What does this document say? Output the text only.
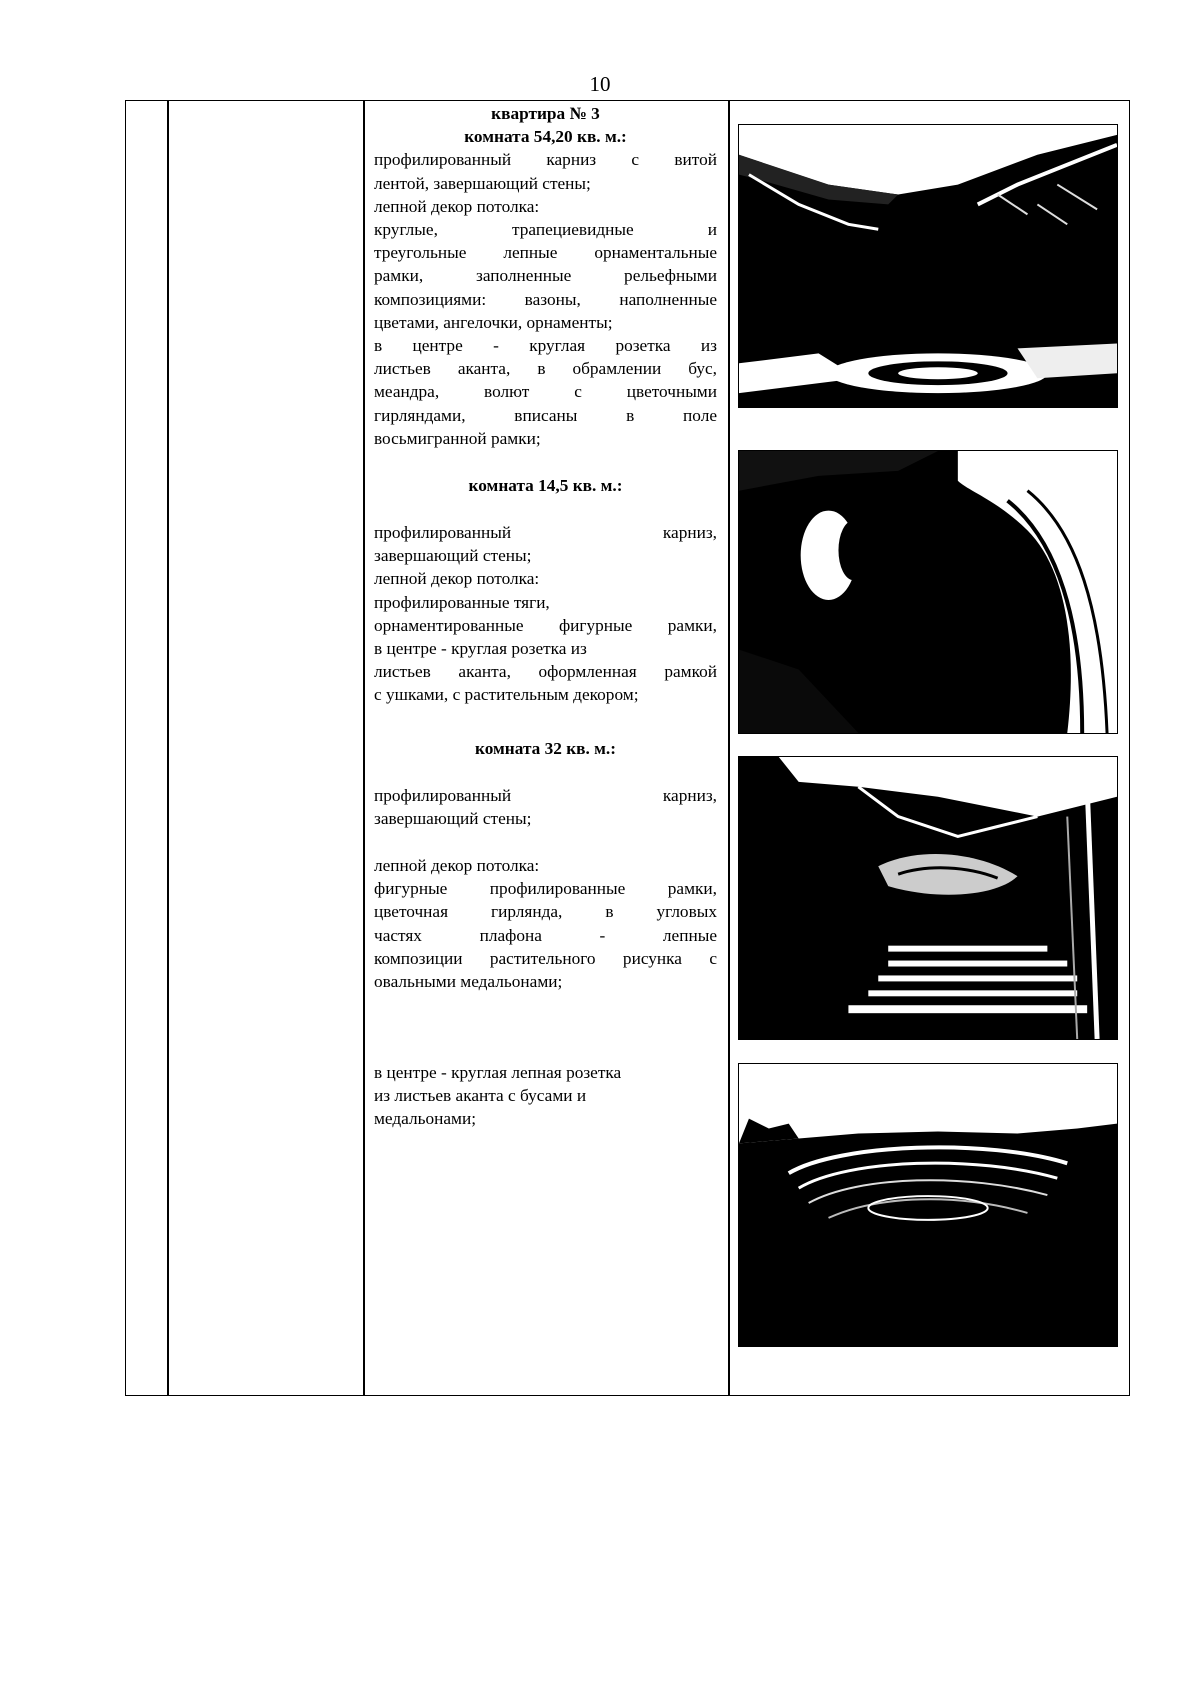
10
квартира № 3
комната 54,20 кв. м.:
профилированный карниз с витой
лентой, завершающий стены;
лепной декор потолка:
круглые, трапециевидные и
треугольные лепные орнаментальные
рамки, заполненные рельефными
композициями: вазоны, наполненные
цветами, ангелочки, орнаменты;
в центре - круглая розетка из
листьев аканта, в обрамлении бус,
меандра, волют с цветочными
гирляндами, вписаны в поле
восьмигранной рамки;
комната 14,5 кв. м.:
профилированный карниз,
завершающий стены;
лепной декор потолка:
профилированные тяги,
орнаментированные фигурные рамки,
в центре - круглая розетка из
листьев аканта, оформленная рамкой
с ушками, с растительным декором;
комната 32 кв. м.:
профилированный карниз,
завершающий стены;
лепной декор потолка:
фигурные профилированные рамки,
цветочная гирлянда, в угловых
частях плафона - лепные
композиции растительного рисунка с
овальными медальонами;
в центре - круглая лепная розетка
из листьев аканта с бусами и
медальонами;
